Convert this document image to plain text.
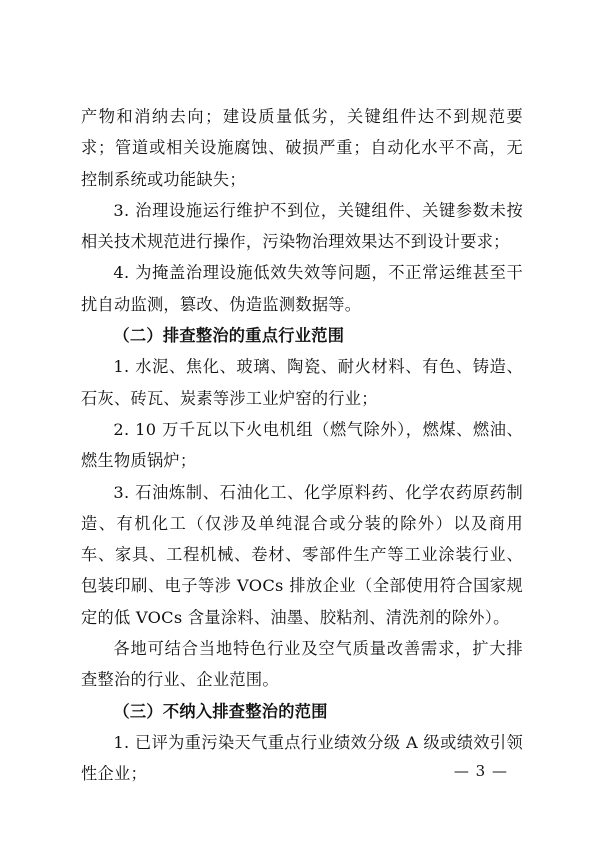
产物和消纳去向；建设质量低劣，关键组件达不到规范要求；管道或相关设施腐蚀、破损严重；自动化水平不高，无控制系统或功能缺失；

3. 治理设施运行维护不到位，关键组件、关键参数未按相关技术规范进行操作，污染物治理效果达不到设计要求；

4. 为掩盖治理设施低效失效等问题，不正常运维甚至干扰自动监测，篡改、伪造监测数据等。

（二）排查整治的重点行业范围

1. 水泥、焦化、玻璃、陶瓷、耐火材料、有色、铸造、石灰、砖瓦、炭素等涉工业炉窑的行业；

2. 10 万千瓦以下火电机组（燃气除外），燃煤、燃油、燃生物质锅炉；

3. 石油炼制、石油化工、化学原料药、化学农药原药制造、有机化工（仅涉及单纯混合或分装的除外）以及商用车、家具、工程机械、卷材、零部件生产等工业涂装行业、包装印刷、电子等涉 VOCs 排放企业（全部使用符合国家规定的低 VOCs 含量涂料、油墨、胶粘剂、清洗剂的除外）。

各地可结合当地特色行业及空气质量改善需求，扩大排查整治的行业、企业范围。

（三）不纳入排查整治的范围

1. 已评为重污染天气重点行业绩效分级 A 级或绩效引领性企业；	— 3 —
